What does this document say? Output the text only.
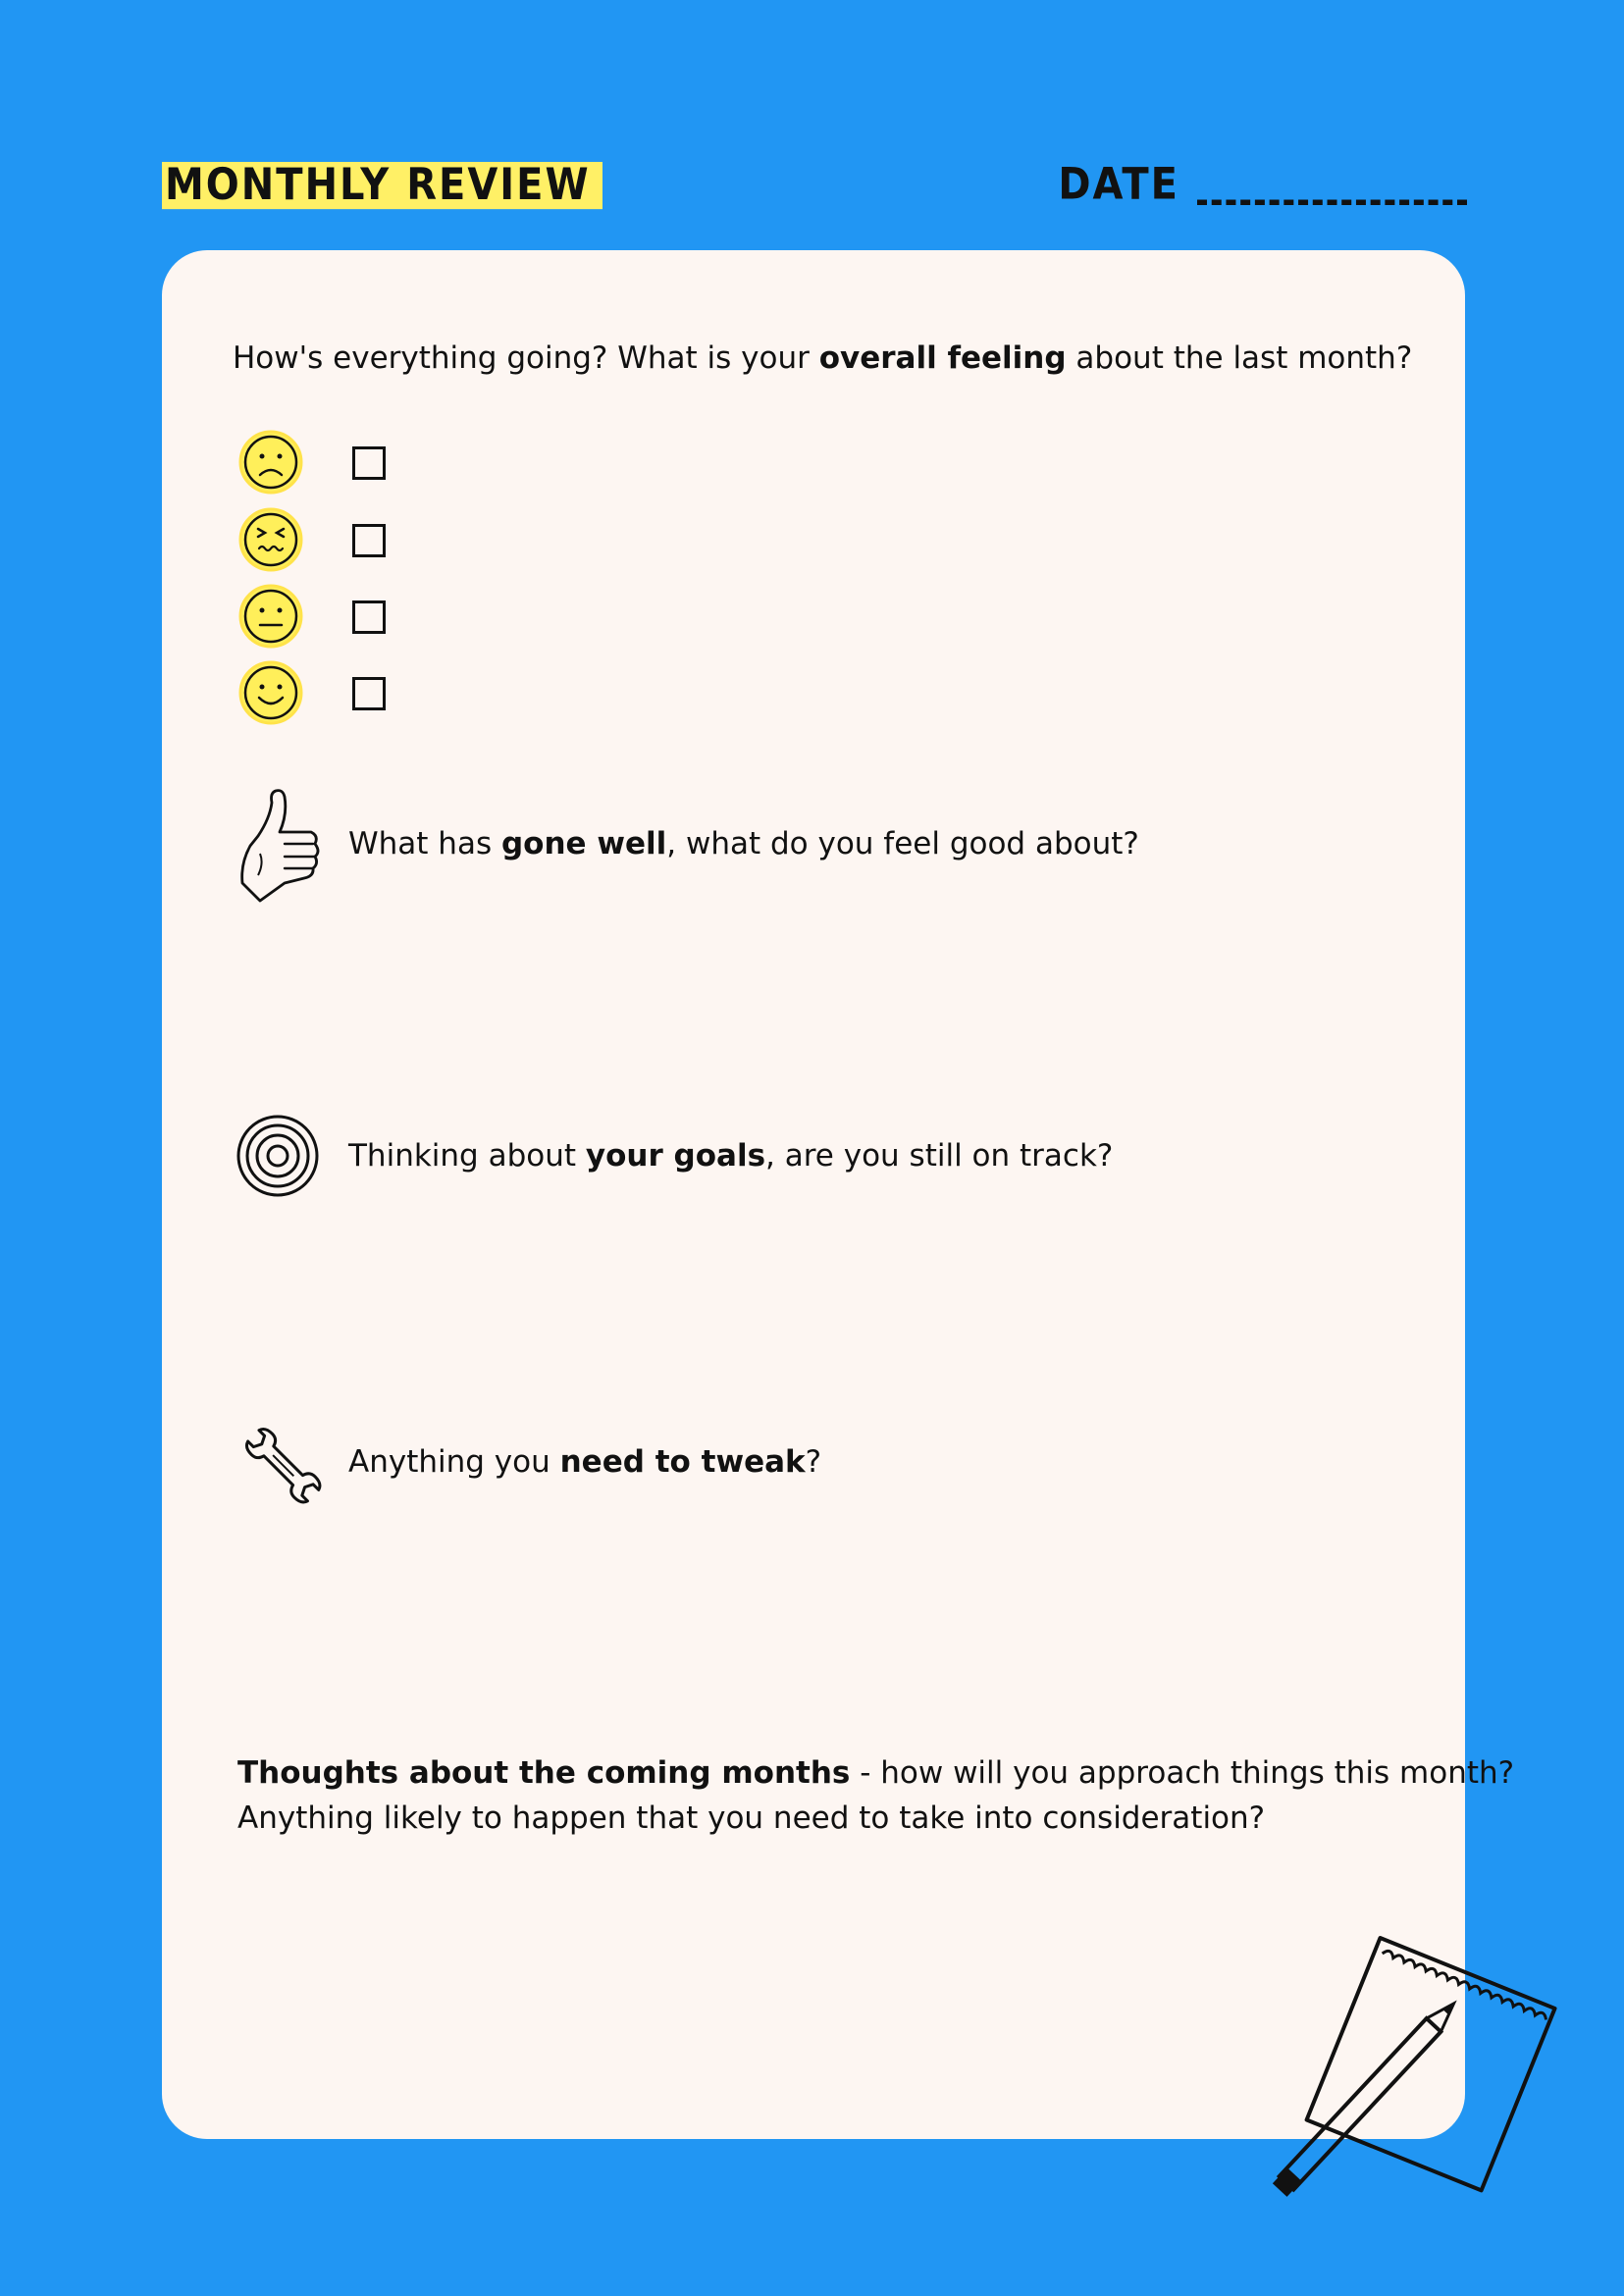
MONTHLY REVIEW	DATE
How's everything going? What is your overall feeling about the last month?
What has gone well, what do you feel good about?
Thinking about your goals, are you still on track?
Anything you need to tweak?
Thoughts about the coming months - how will you approach things this month?
Anything likely to happen that you need to take into consideration?
